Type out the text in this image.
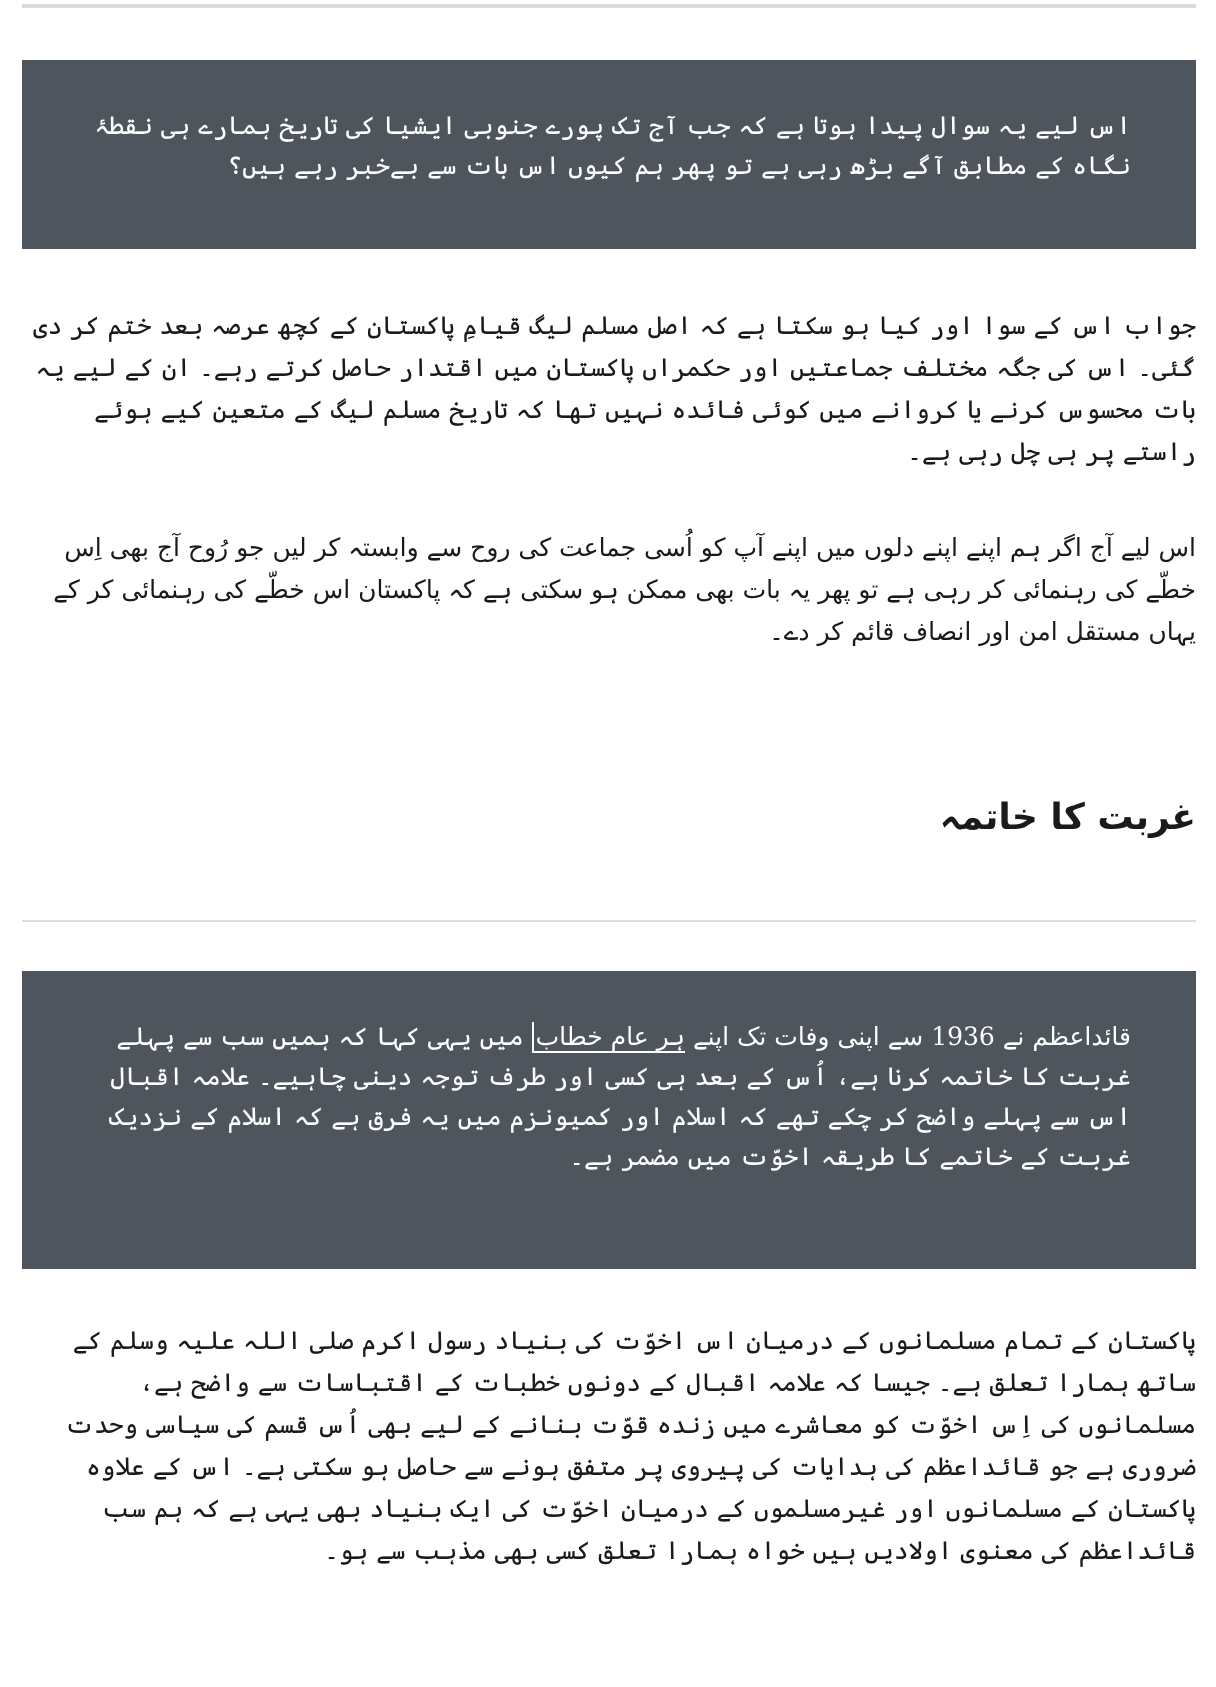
اس لیے یہ سوال پیدا ہوتا ہے کہ جب آج تک پورے جنوبی ایشیا کی تاریخ ہمارے ہی نقطۂ نگاہ کے مطابق آگے بڑھ رہی ہے تو پھر ہم کیوں اس بات سے بےخبر رہے ہیں؟

جواب اس کے سوا اور کیا ہو سکتا ہے کہ اصل مسلم لیگ قیامِ پاکستان کے کچھ عرصہ بعد ختم کر دی گئی۔ اس کی جگہ مختلف جماعتیں اور حکمراں پاکستان میں اقتدار حاصل کرتے رہے۔ ان کے لیے یہ بات محسوس کرنے یا کروانے میں کوئی فائدہ نہیں تھا کہ تاریخ مسلم لیگ کے متعین کیے ہوئے راستے پر ہی چل رہی ہے۔

اس لیے آج اگر ہم اپنے اپنے دلوں میں اپنے آپ کو اُسی جماعت کی روح سے وابستہ کر لیں جو رُوح آج بھی اِس خطّے کی رہنمائی کر رہی ہے تو پھر یہ بات بھی ممکن ہو سکتی ہے کہ پاکستان اس خطّے کی رہنمائی کر کے یہاں مستقل امن اور انصاف قائم کر دے۔

غربت کا خاتمہ

قائداعظم نے 1936 سے اپنی وفات تک اپنے ہر عام خطاب میں یہی کہا کہ ہمیں سب سے پہلے غربت کا خاتمہ کرنا ہے، اُس کے بعد ہی کسی اور طرف توجہ دینی چاہیے۔ علامہ اقبال اس سے پہلے واضح کر چکے تھے کہ اسلام اور کمیونزم میں یہ فرق ہے کہ اسلام کے نزدیک غربت کے خاتمے کا طریقہ اخوّت میں مضمر ہے۔

پاکستان کے تمام مسلمانوں کے درمیان اس اخوّت کی بنیاد رسول اکرم صلی اللہ علیہ وسلم کے ساتھ ہمارا تعلق ہے۔ جیسا کہ علامہ اقبال کے دونوں خطبات کے اقتباسات سے واضح ہے، مسلمانوں کی اِس اخوّت کو معاشرے میں زندہ قوّت بنانے کے لیے بھی اُس قسم کی سیاسی وحدت ضروری ہے جو قائداعظم کی ہدایات کی پیروی پر متفق ہونے سے حاصل ہو سکتی ہے۔ اس کے علاوہ پاکستان کے مسلمانوں اور غیرمسلموں کے درمیان اخوّت کی ایک بنیاد بھی یہی ہے کہ ہم سب قائداعظم کی معنوی اولادیں ہیں خواہ ہمارا تعلق کسی بھی مذہب سے ہو۔
